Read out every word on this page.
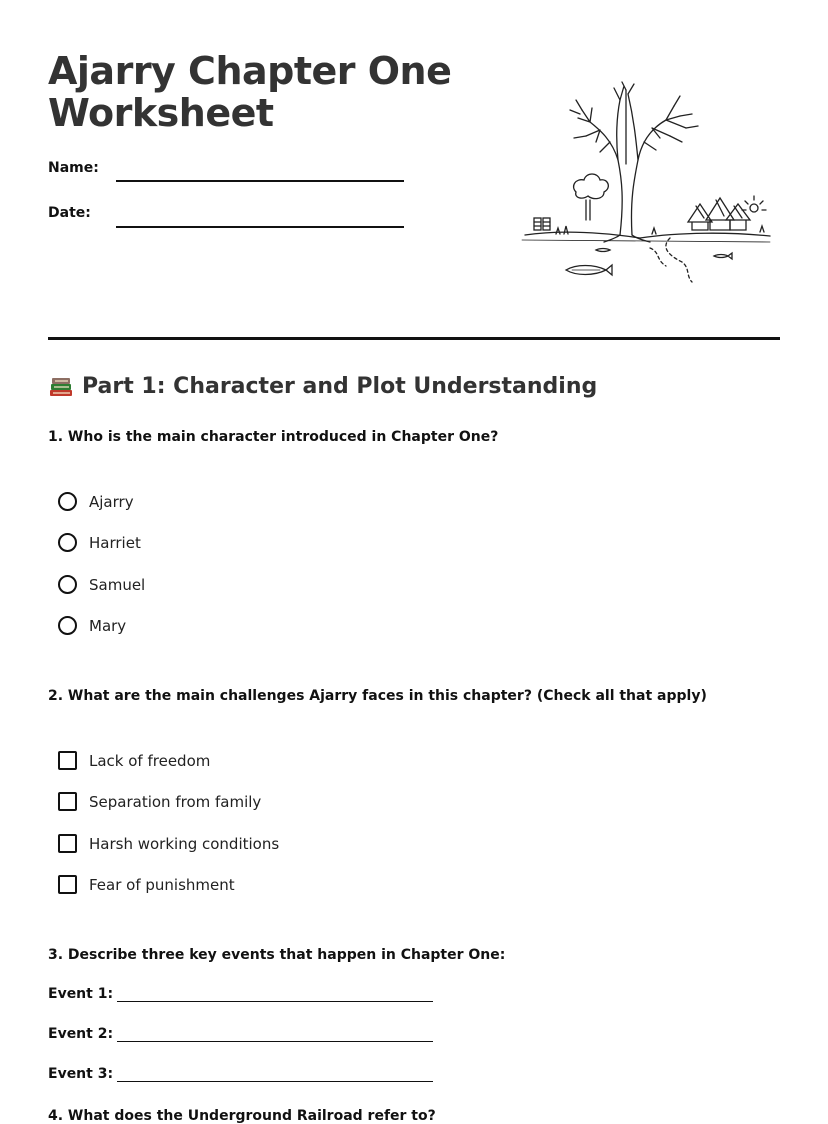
Ajarry Chapter One Worksheet
Name:
Date:
Part 1: Character and Plot Understanding
1. Who is the main character introduced in Chapter One?
Ajarry
Harriet
Samuel
Mary
2. What are the main challenges Ajarry faces in this chapter? (Check all that apply)
Lack of freedom
Separation from family
Harsh working conditions
Fear of punishment
3. Describe three key events that happen in Chapter One:
Event 1:
Event 2:
Event 3:
4. What does the Underground Railroad refer to?
